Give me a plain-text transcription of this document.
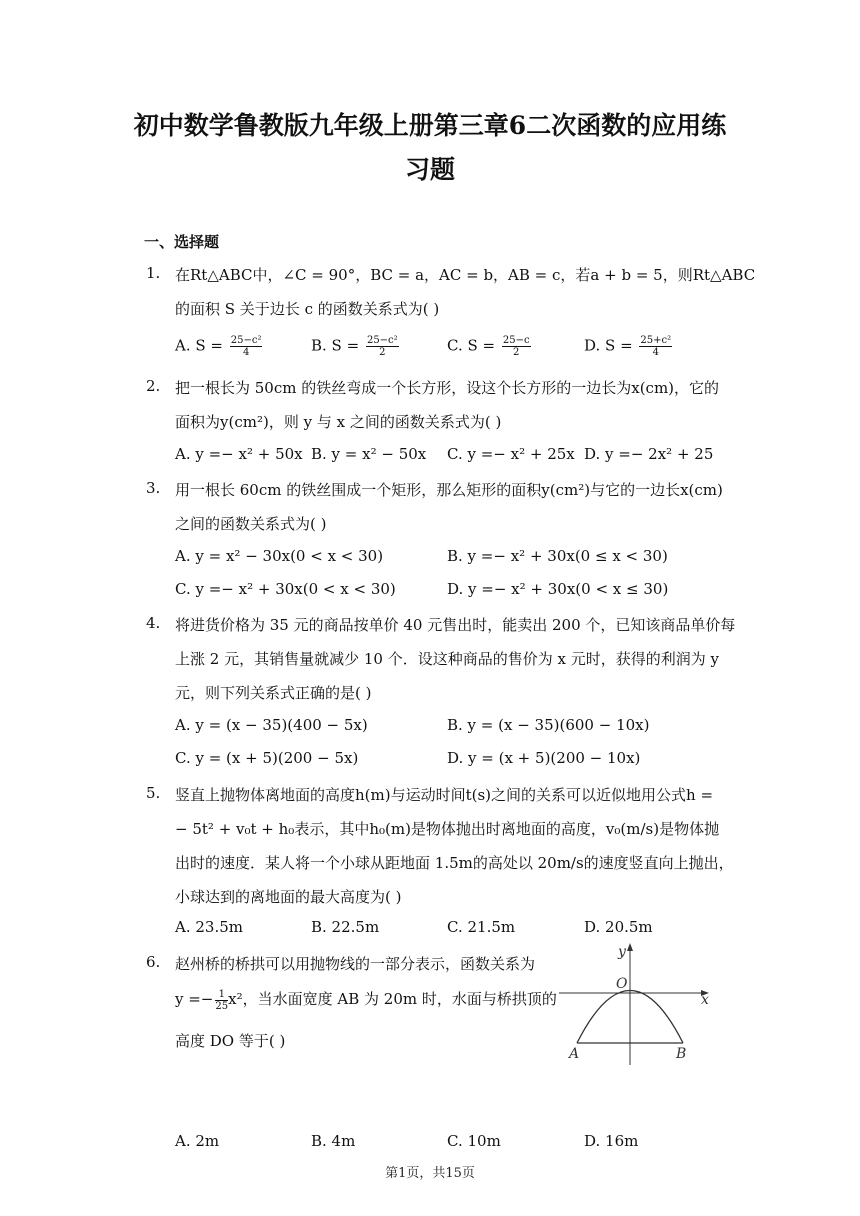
初中数学鲁教版九年级上册第三章6二次函数的应用练
习题
一、选择题
1. 在Rt△ABC中，∠C = 90°，BC = a，AC = b，AB = c，若a + b = 5，则Rt△ABC
的面积 S 关于边长 c 的函数关系式为( )
A. $S = \frac{\text{25−c²}}{4}$	B. $S = \frac{\text{25−c²}}{2}$	C. $S = \frac{25-c}{2}$	D. $S = \frac{\text{25+c²}}{4}$
2. 把一根长为 50cm 的铁丝弯成一个长方形，设这个长方形的一边长为x(cm)，它的
面积为y(cm²)，则 y 与 x 之间的函数关系式为( )
A. y =− x² + 50x B. y = x² − 50x C. y =− x² + 25x D. y =− 2x² + 25
3. 用一根长 60cm 的铁丝围成一个矩形，那么矩形的面积y(cm²)与它的一边长x(cm)
之间的函数关系式为( )
A. y = x² − 30x(0 < x < 30)	B. y =− x² + 30x(0 ≤ x < 30)
C. y =− x² + 30x(0 < x < 30)	D. y =− x² + 30x(0 < x ≤ 30)
4. 将进货价格为 35 元的商品按单价 40 元售出时，能卖出 200 个，已知该商品单价每
上涨 2 元，其销售量就减少 10 个．设这种商品的售价为 x 元时，获得的利润为 y
元，则下列关系式正确的是( )
A. y = (x − 35)(400 − 5x)	B. y = (x − 35)(600 − 10x)
C. y = (x + 5)(200 − 5x)	D. y = (x + 5)(200 − 10x)
5. 竖直上抛物体离地面的高度h(m)与运动时间t(s)之间的关系可以近似地用公式h =
− 5t² + v₀t + h₀表示，其中h₀(m)是物体抛出时离地面的高度，v₀(m/s)是物体抛
出时的速度．某人将一个小球从距地面 1.5m的高处以 20m/s的速度竖直向上抛出，
小球达到的离地面的最大高度为( )
A. 23.5m	B. 22.5m	C. 21.5m	D. 20.5m
6. 赵州桥的桥拱可以用抛物线的一部分表示，函数关系为
$y =- \frac{1}{25} x^2$，当水面宽度 AB 为 20m 时，水面与桥拱顶的
高度 DO 等于( )
y
x
O
A	B
A. 2m	B. 4m	C. 10m	D. 16m
第1页，共15页
